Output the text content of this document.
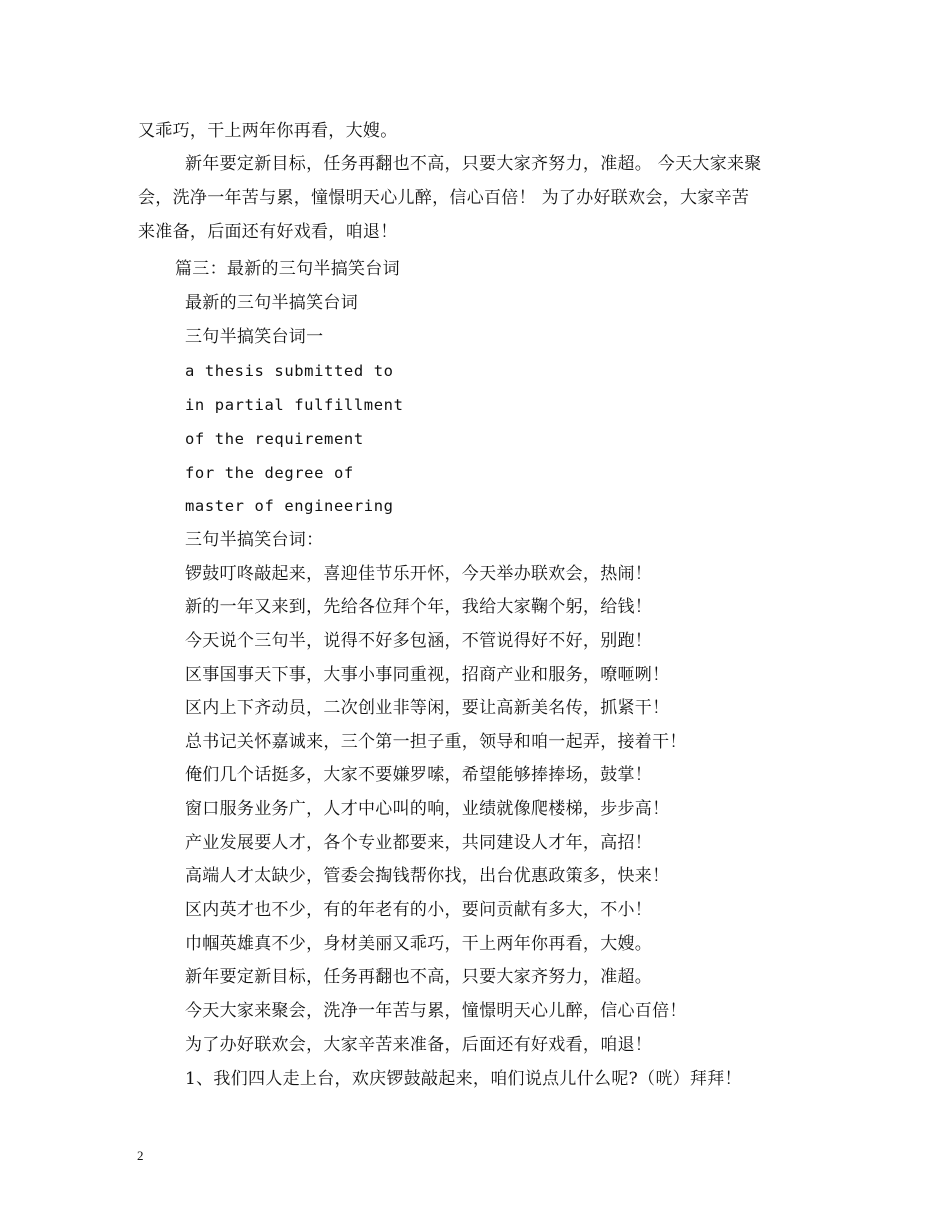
又乖巧，干上两年你再看，大嫂。
新年要定新目标，任务再翻也不高，只要大家齐努力，准超。 今天大家来聚
会，洗净一年苦与累，憧憬明天心儿醉，信心百倍！ 为了办好联欢会，大家辛苦
来准备，后面还有好戏看，咱退！
篇三：最新的三句半搞笑台词
最新的三句半搞笑台词
三句半搞笑台词一
a thesis submitted to
in partial fulfillment
of the requirement
for the degree of
master of engineering
三句半搞笑台词：
锣鼓叮咚敲起来，喜迎佳节乐开怀，今天举办联欢会，热闹！
新的一年又来到，先给各位拜个年，我给大家鞠个躬，给钱！
今天说个三句半，说得不好多包涵，不管说得好不好，别跑！
区事国事天下事，大事小事同重视，招商产业和服务，嘹咂咧！
区内上下齐动员，二次创业非等闲，要让高新美名传，抓紧干！
总书记关怀嘉诚来，三个第一担子重，领导和咱一起弄，接着干！
俺们几个话挺多，大家不要嫌罗嗦，希望能够捧捧场，鼓掌！
窗口服务业务广，人才中心叫的响，业绩就像爬楼梯，步步高！
产业发展要人才，各个专业都要来，共同建设人才年，高招！
高端人才太缺少，管委会掏钱帮你找，出台优惠政策多，快来！
区内英才也不少，有的年老有的小，要问贡献有多大，不小！
巾帼英雄真不少，身材美丽又乖巧，干上两年你再看，大嫂。
新年要定新目标，任务再翻也不高，只要大家齐努力，准超。
今天大家来聚会，洗净一年苦与累，憧憬明天心儿醉，信心百倍！
为了办好联欢会，大家辛苦来准备，后面还有好戏看，咱退！
1、我们四人走上台，欢庆锣鼓敲起来，咱们说点儿什么呢?（咣）拜拜！
2
